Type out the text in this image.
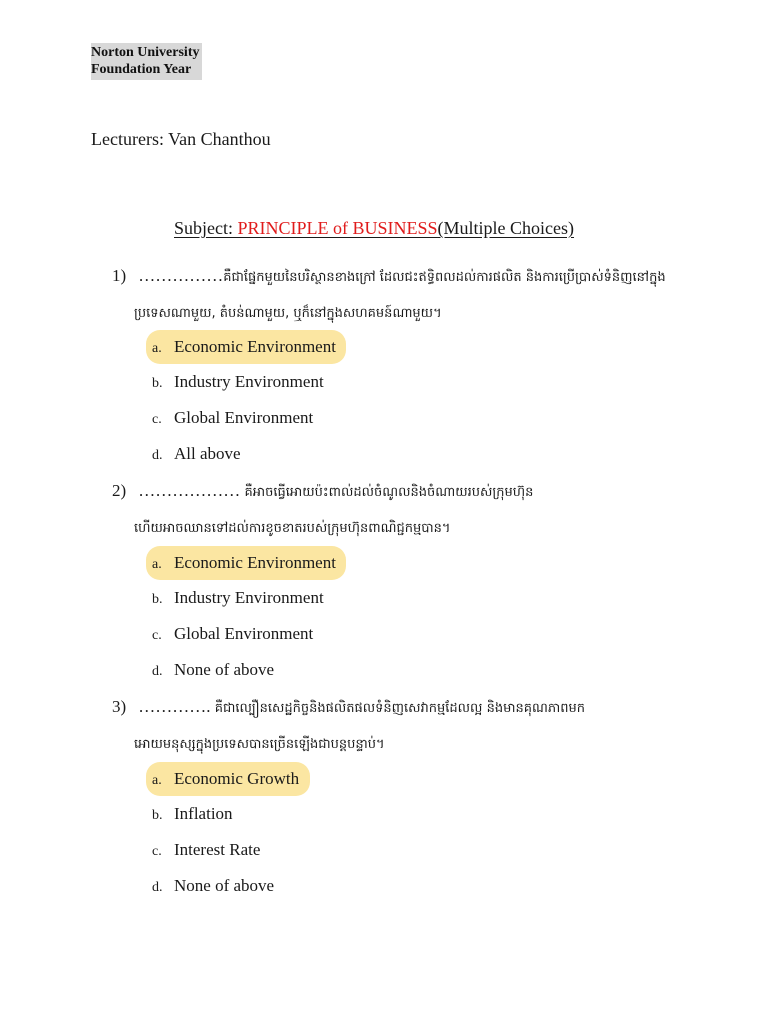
Norton University
Foundation Year
Lecturers: Van Chanthou
Subject: PRINCIPLE of BUSINESS(Multiple Choices)
1) ……………គឺជាផ្នែកមួយនៃបរិស្ថានខាងក្រៅ ដែលជះឥទ្ធិពលដល់ការផលិត និងការប្រើប្រាស់ទំនិញនៅក្នុង
ប្រទេសណាមួយ, តំបន់ណាមួយ, ឬក៏នៅក្នុងសហគមន៍ណាមួយ។
a. Economic Environment
b. Industry Environment
c. Global Environment
d. All above
2) ……………… គឺអាចធ្វើអោយប៉ះពាល់ដល់ចំណូលនិងចំណាយរបស់ក្រុមហ៊ុន
ហើយអាចឈានទៅដល់ការខូចខាតរបស់ក្រុមហ៊ុនពាណិជ្ជកម្មបាន។
a. Economic Environment
b. Industry Environment
c. Global Environment
d. None of above
3) …………. គឺជាល្បឿនសេដ្ឋកិច្ចនិងផលិតផលទំនិញសេវាកម្មដែលល្អ និងមានគុណភាពមក
អោយមនុស្សក្នុងប្រទេសបានច្រើនឡើងជាបន្តបន្ទាប់។
a. Economic Growth
b. Inflation
c. Interest Rate
d. None of above
